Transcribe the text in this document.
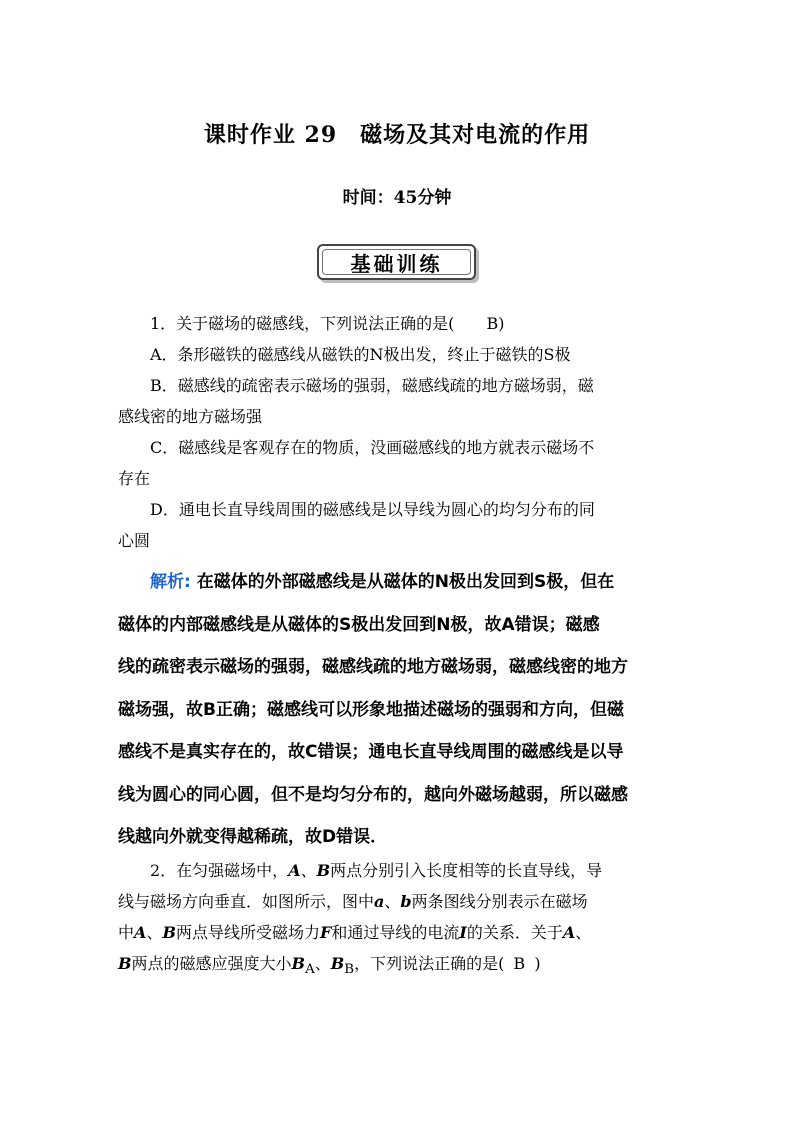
课时作业 29　磁场及其对电流的作用
时间：45分钟
基础训练

1．关于磁场的磁感线，下列说法正确的是( B)

A．条形磁铁的磁感线从磁铁的N极出发，终止于磁铁的S极

B．磁感线的疏密表示磁场的强弱，磁感线疏的地方磁场弱，磁

感线密的地方磁场强

C．磁感线是客观存在的物质，没画磁感线的地方就表示磁场不

存在

D．通电长直导线周围的磁感线是以导线为圆心的均匀分布的同

心圆

解析: 在磁体的外部磁感线是从磁体的N极出发回到S极，但在

磁体的内部磁感线是从磁体的S极出发回到N极，故A错误；磁感

线的疏密表示磁场的强弱，磁感线疏的地方磁场弱，磁感线密的地方

磁场强，故B正确；磁感线可以形象地描述磁场的强弱和方向，但磁

感线不是真实存在的，故C错误；通电长直导线周围的磁感线是以导

线为圆心的同心圆，但不是均匀分布的，越向外磁场越弱，所以磁感

线越向外就变得越稀疏，故D错误．

2．在匀强磁场中，A、B两点分别引入长度相等的长直导线，导

线与磁场方向垂直．如图所示，图中a、b两条图线分别表示在磁场

中A、B两点导线所受磁场力F和通过导线的电流I的关系．关于A、

B两点的磁感应强度大小$B_A$、$B_B$，下列说法正确的是( B )
